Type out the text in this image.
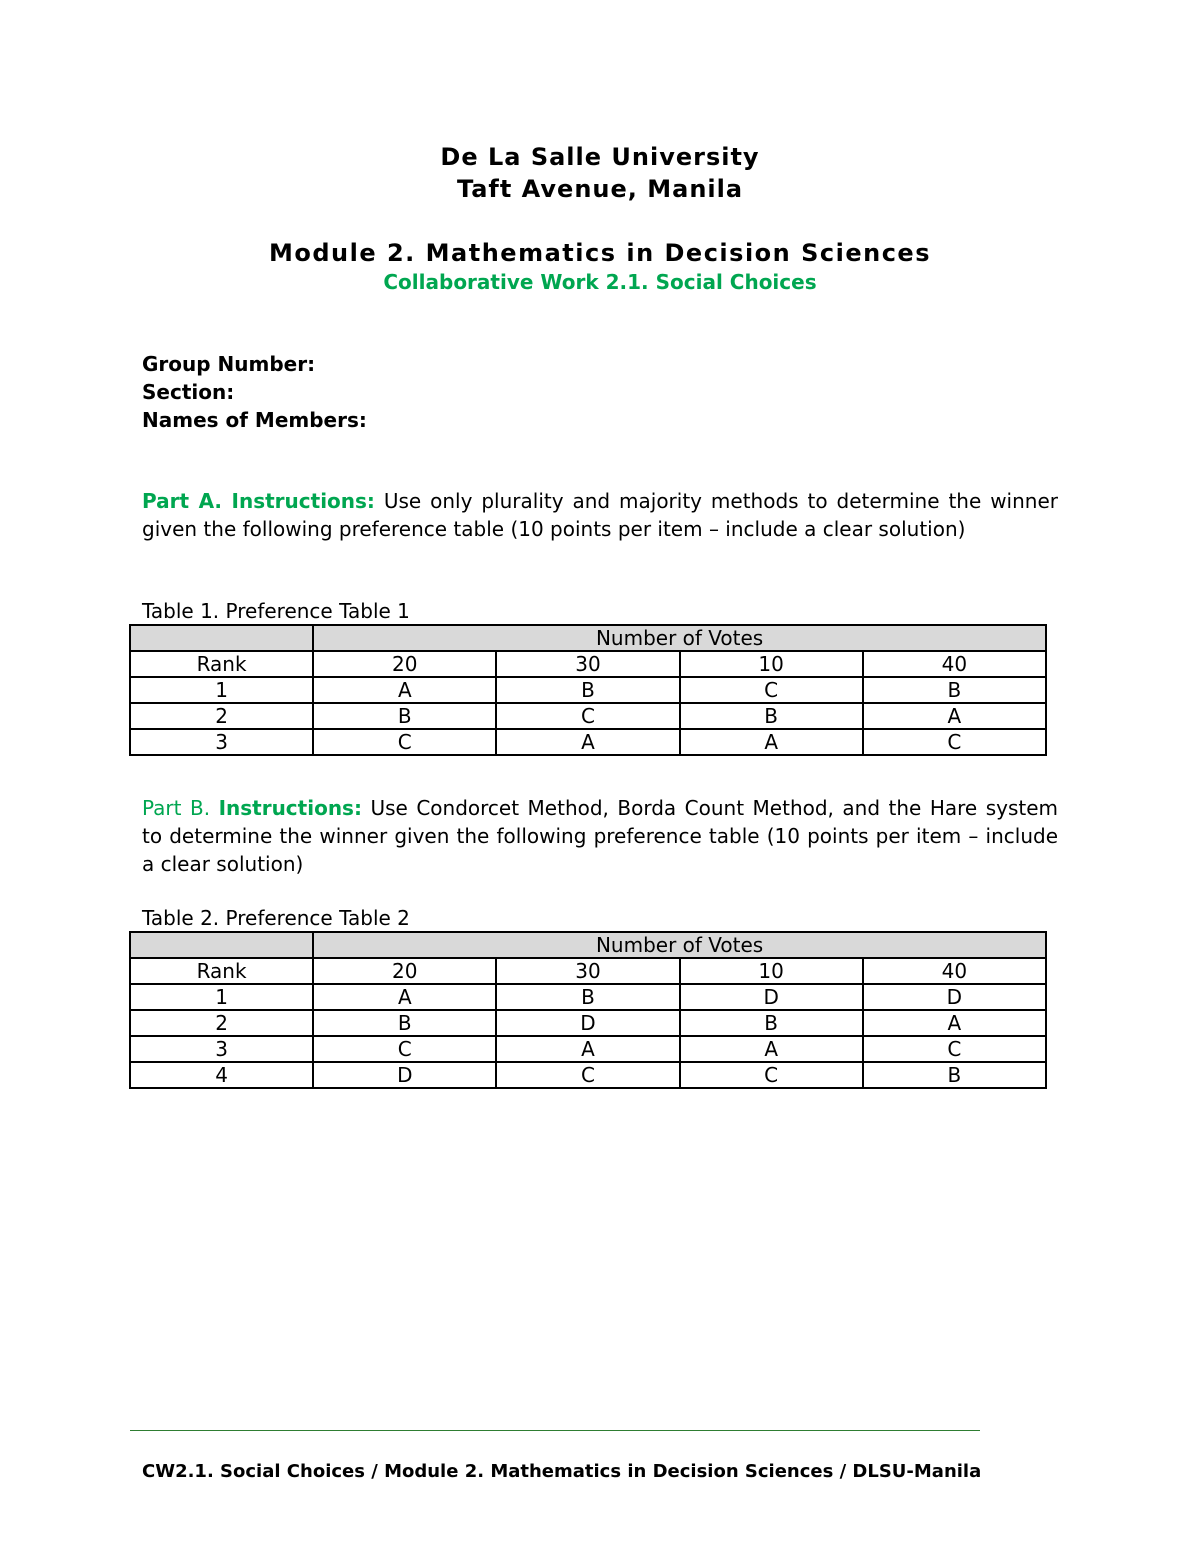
De La Salle University
Taft Avenue, Manila
Module 2. Mathematics in Decision Sciences
Collaborative Work 2.1. Social Choices
Group Number:
Section:
Names of Members:
Part A. Instructions: Use only plurality and majority methods to determine the winner given the following preference table (10 points per item – include a clear solution)
Table 1. Preference Table 1
	Number of Votes			
Rank	20	30	10	40
1	A	B	C	B
2	B	C	B	A
3	C	A	A	C
Part B. Instructions: Use Condorcet Method, Borda Count Method, and the Hare system to determine the winner given the following preference table (10 points per item – include a clear solution)
Table 2. Preference Table 2
	Number of Votes			
Rank	20	30	10	40
1	A	B	D	D
2	B	D	B	A
3	C	A	A	C
4	D	C	C	B
CW2.1. Social Choices / Module 2. Mathematics in Decision Sciences / DLSU-Manila
